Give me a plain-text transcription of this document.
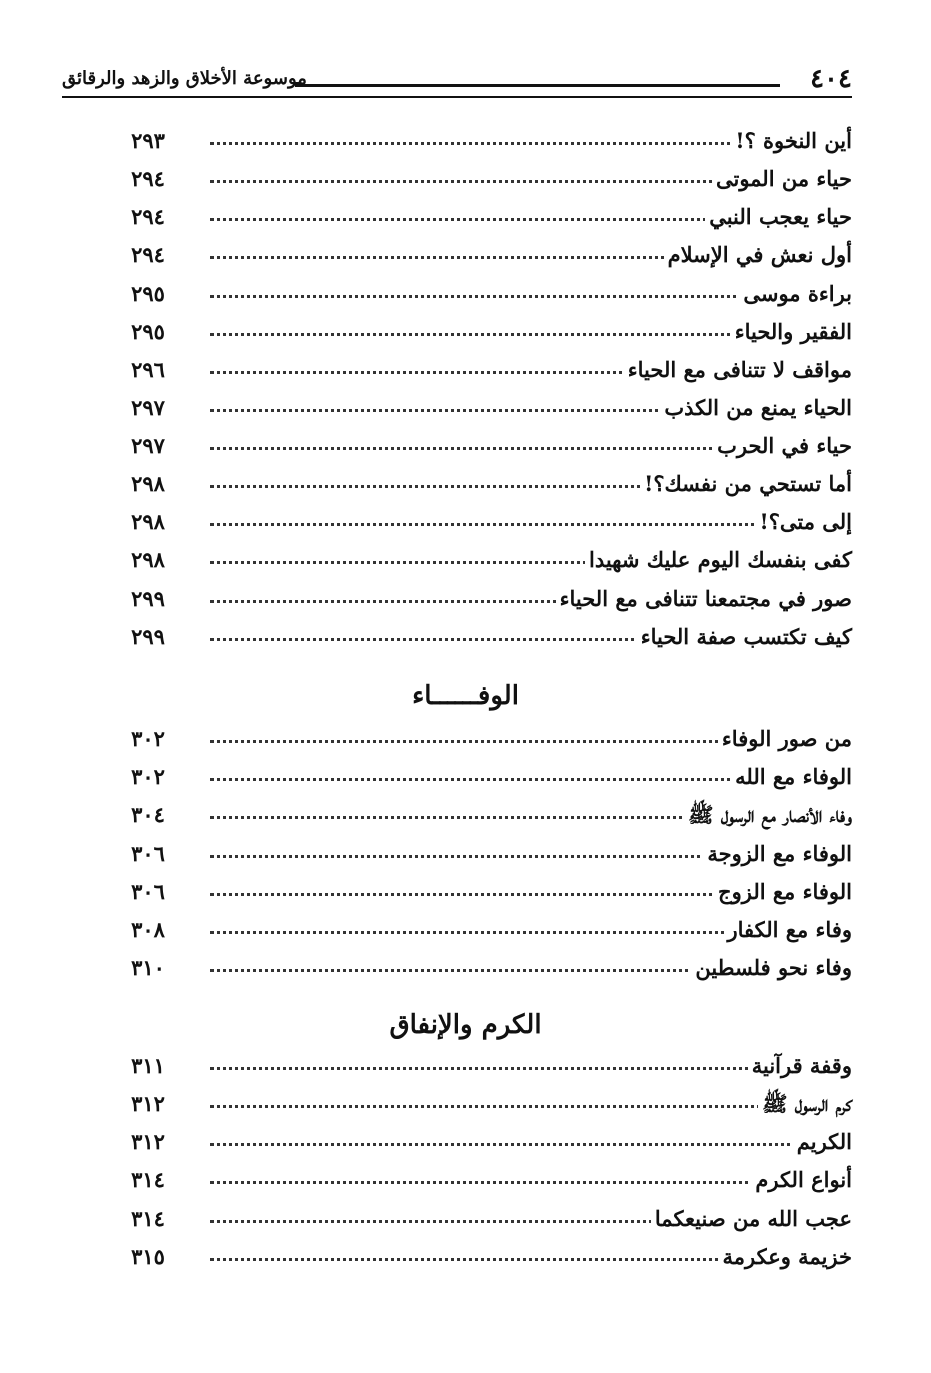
٤٠٤
موسوعة الأخلاق والزهد والرقائق
أين النخوة ؟!
٢٩٣
حياء من الموتى
٢٩٤
حياء يعجب النبي
٢٩٤
أول نعش في الإسلام
٢٩٤
براءة موسى
٢٩٥
الفقير والحياء
٢٩٥
مواقف لا تتنافى مع الحياء
٢٩٦
الحياء يمنع من الكذب
٢٩٧
حياء في الحرب
٢٩٧
أما تستحي من نفسك؟!
٢٩٨
إلى متى؟!
٢٩٨
كفى بنفسك اليوم عليك شهيدا
٢٩٨
صور في مجتمعنا تتنافى مع الحياء
٢٩٩
كيف تكتسب صفة الحياء
٢٩٩
الوفــــــاء
من صور الوفاء
٣٠٢
الوفاء مع الله
٣٠٢
وفاء الأنصار مع الرسول ﷺ
٣٠٤
الوفاء مع الزوجة
٣٠٦
الوفاء مع الزوج
٣٠٦
وفاء مع الكفار
٣٠٨
وفاء نحو فلسطين
٣١٠
الكرم والإنفاق
وقفة قرآنية
٣١١
كرم الرسول ﷺ
٣١٢
الكريم
٣١٢
أنواع الكرم
٣١٤
عجب الله من صنيعكما
٣١٤
خزيمة وعكرمة
٣١٥
